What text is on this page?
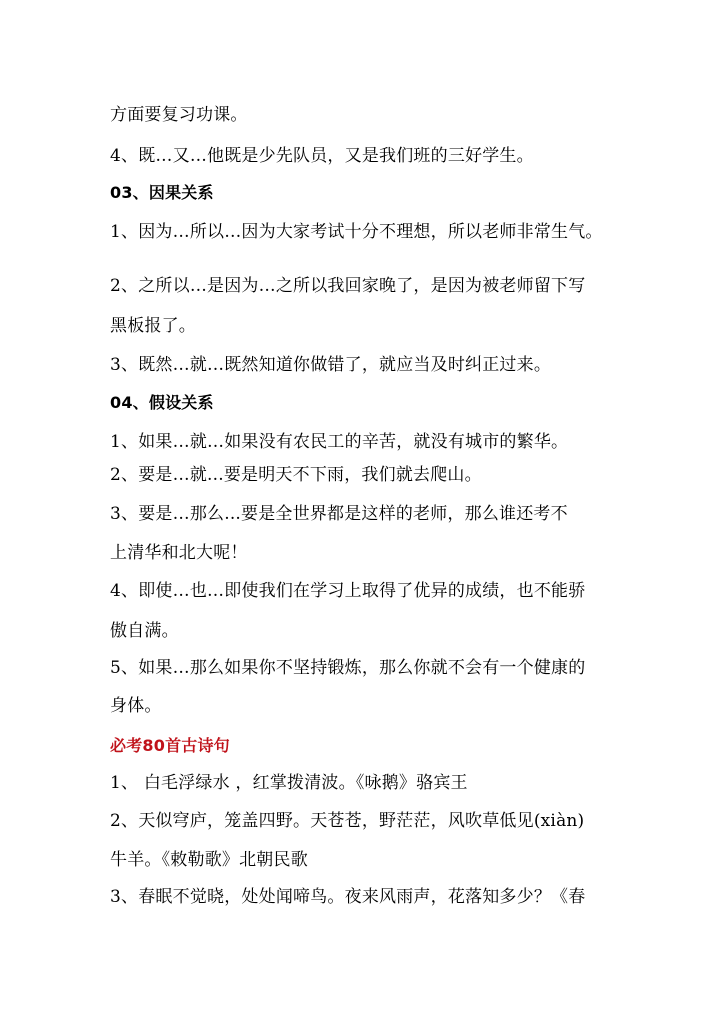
方面要复习功课。
4、既…又…他既是少先队员，又是我们班的三好学生。
03、因果关系
1、因为…所以…因为大家考试十分不理想，所以老师非常生气。
2、之所以…是因为…之所以我回家晚了，是因为被老师留下写
黑板报了。
3、既然…就…既然知道你做错了，就应当及时纠正过来。
04、假设关系
1、如果…就…如果没有农民工的辛苦，就没有城市的繁华。
2、要是…就...要是明天不下雨，我们就去爬山。
3、要是…那么...要是全世界都是这样的老师，那么谁还考不
上清华和北大呢！
4、即使…也…即使我们在学习上取得了优异的成绩，也不能骄
傲自满。
5、如果…那么如果你不坚持锻炼，那么你就不会有一个健康的
身体。
必考80首古诗句
1、 白毛浮绿水 ，红掌拨清波。《咏鹅》骆宾王
2、天似穹庐，笼盖四野。天苍苍，野茫茫，风吹草低见(xiàn)
牛羊。《敕勒歌》北朝民歌
3、春眠不觉晓，处处闻啼鸟。夜来风雨声，花落知多少？《春
